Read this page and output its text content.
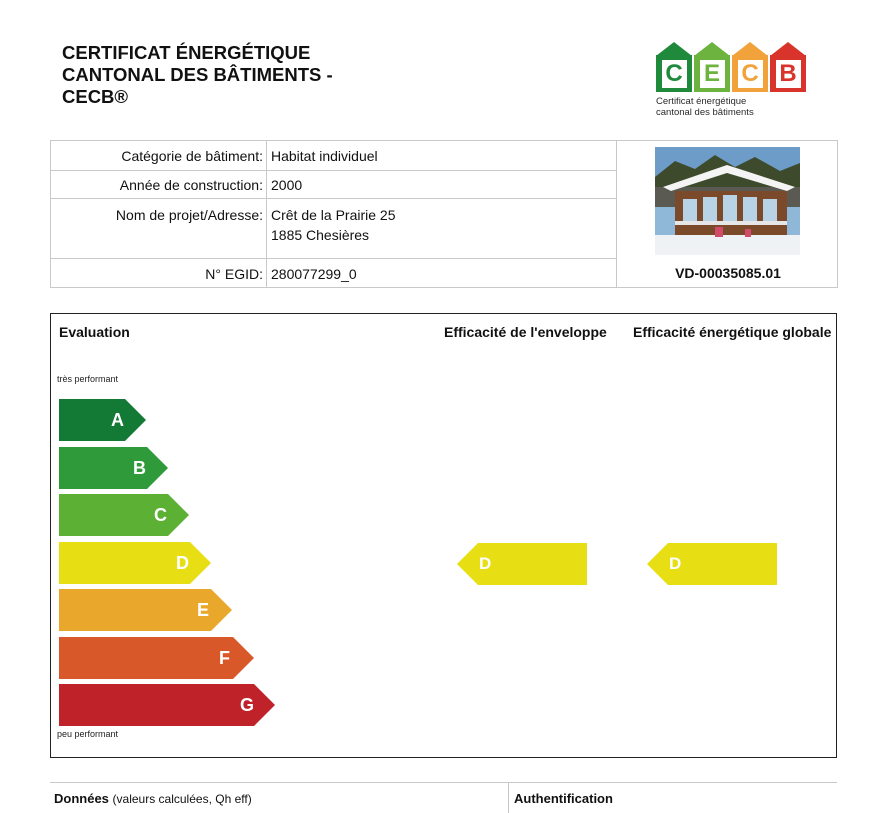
CERTIFICAT ÉNERGÉTIQUE
CANTONAL DES BÂTIMENTS -
CECB®
C E C B
Certificat énergétique
cantonal des bâtiments
Catégorie de bâtiment: Habitat individuel
Année de construction: 2000
Nom de projet/Adresse: Crêt de la Prairie 25
1885 Chesières
N° EGID: 280077299_0	VD-00035085.01
Evaluation	Efficacité de l'enveloppe Efficacité énergétique globale
très performant
peu performant
A
B
C
D
E
F
G
D	D
Données (valeurs calculées, Qh eff)	Authentification
